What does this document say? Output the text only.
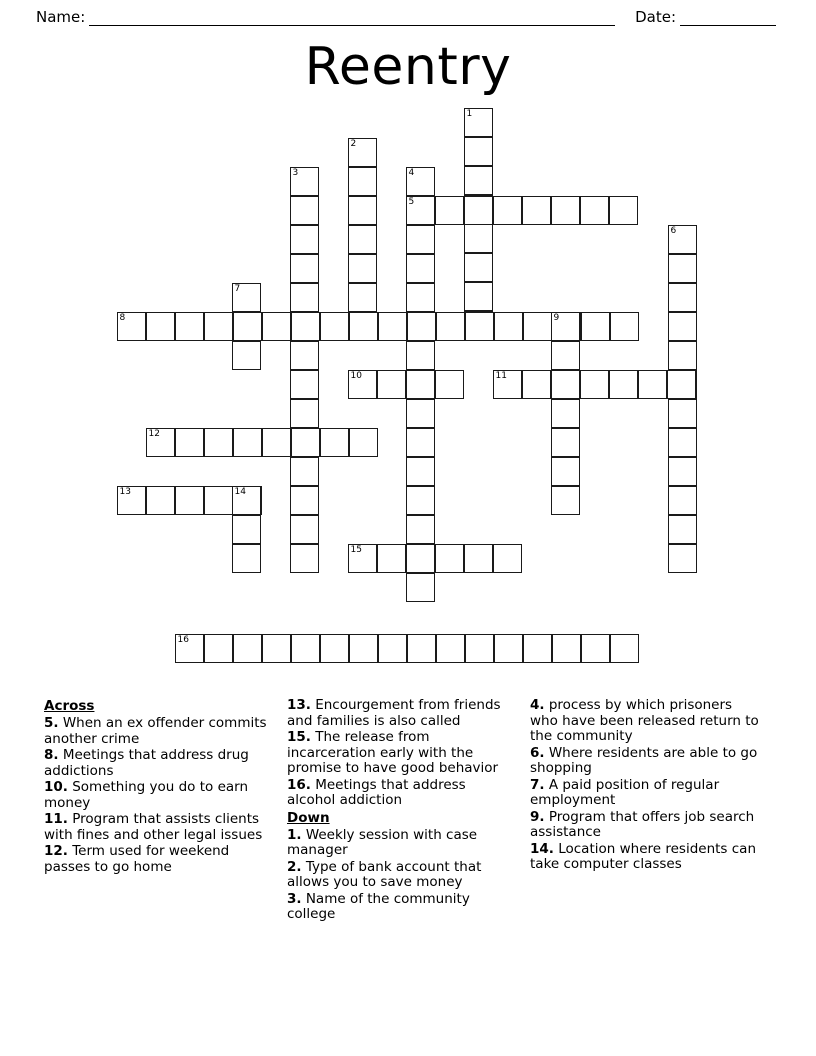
Name:	Date:
Reentry
1
2
3	4
5
6
7
8	9
10	11
12
13	14
15
16
Across
5. When an ex offender commits another crime
8. Meetings that address drug addictions
10. Something you do to earn money
11. Program that assists clients with fines and other legal issues
12. Term used for weekend passes to go home
13. Encourgement from friends and families is also called
15. The release from incarceration early with the promise to have good behavior
16. Meetings that address alcohol addiction
Down
1. Weekly session with case manager
2. Type of bank account that allows you to save money
3. Name of the community college
4. process by which prisoners who have been released return to the community
6. Where residents are able to go shopping
7. A paid position of regular employment
9. Program that offers job search assistance
14. Location where residents can take computer classes
